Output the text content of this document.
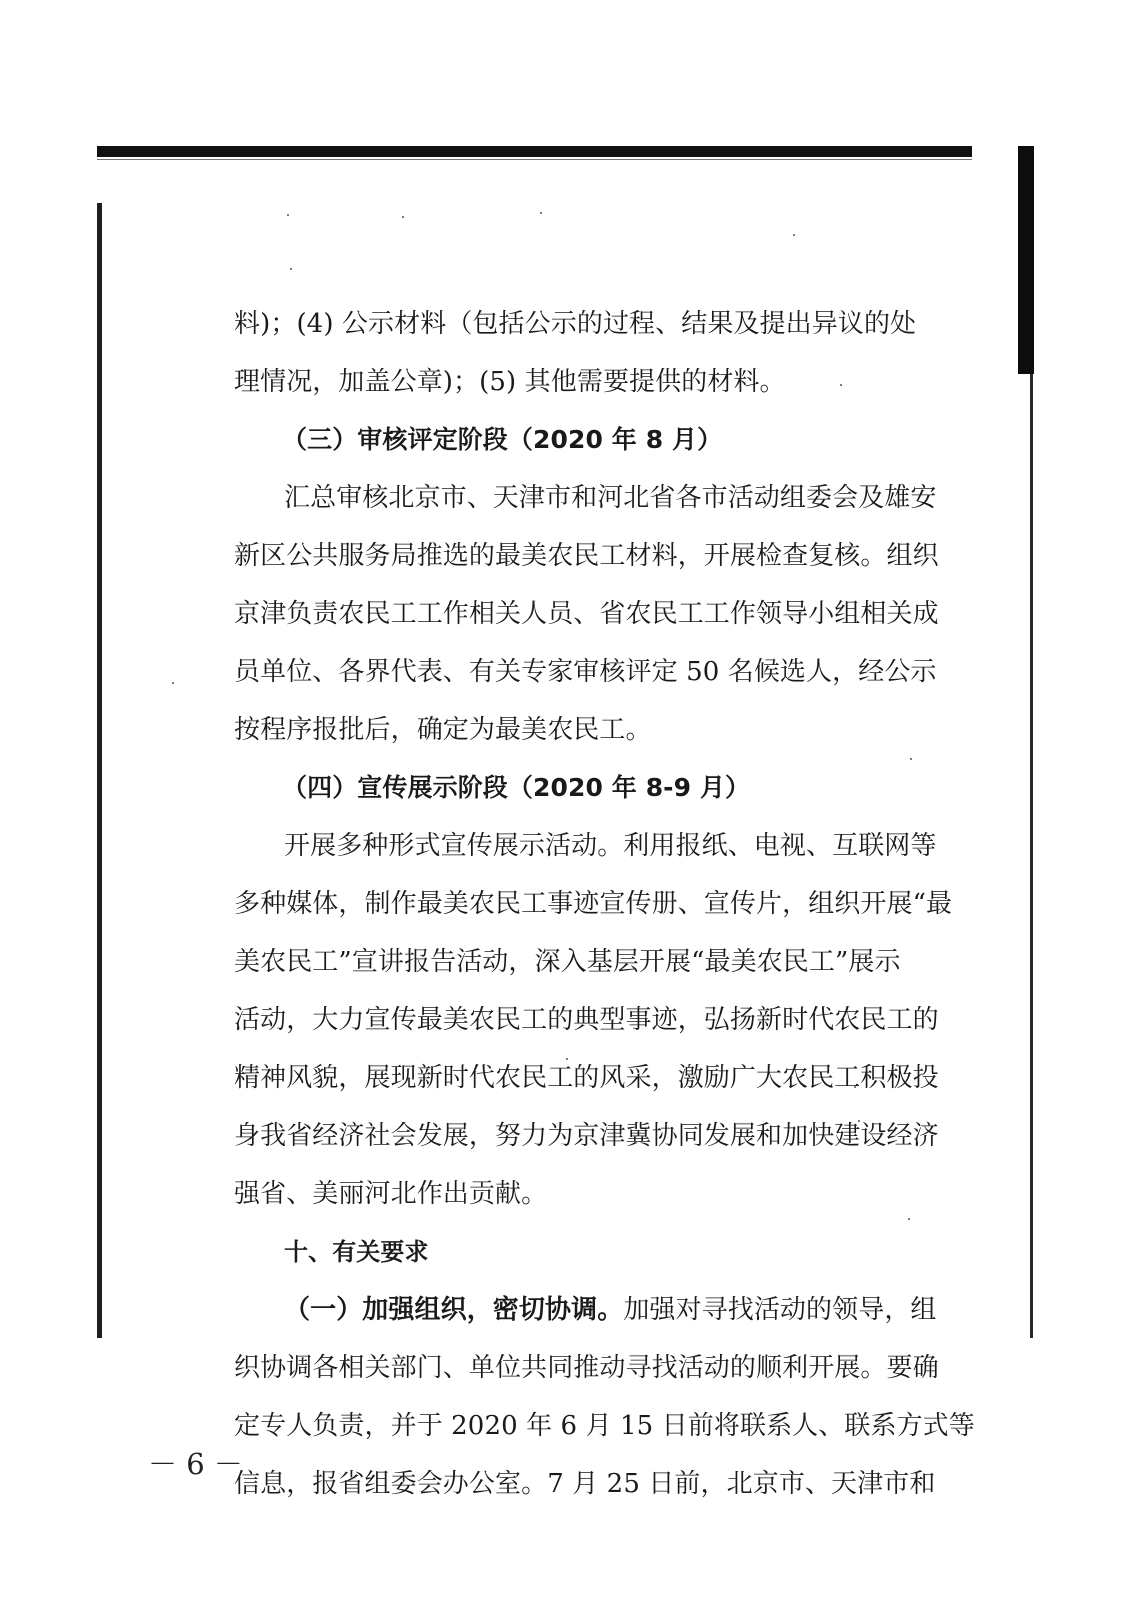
料)；(4) 公示材料（包括公示的过程、结果及提出异议的处
理情况，加盖公章)；(5) 其他需要提供的材料。
（三）审核评定阶段（2020 年 8 月）
汇总审核北京市、天津市和河北省各市活动组委会及雄安
新区公共服务局推选的最美农民工材料，开展检查复核。组织
京津负责农民工工作相关人员、省农民工工作领导小组相关成
员单位、各界代表、有关专家审核评定 50 名候选人，经公示
按程序报批后，确定为最美农民工。
（四）宣传展示阶段（2020 年 8-9 月）
开展多种形式宣传展示活动。利用报纸、电视、互联网等
多种媒体，制作最美农民工事迹宣传册、宣传片，组织开展“最
美农民工”宣讲报告活动，深入基层开展“最美农民工”展示
活动，大力宣传最美农民工的典型事迹，弘扬新时代农民工的
精神风貌，展现新时代农民工的风采，激励广大农民工积极投
身我省经济社会发展，努力为京津冀协同发展和加快建设经济
强省、美丽河北作出贡献。
十、有关要求
（一）加强组织，密切协调。加强对寻找活动的领导，组
织协调各相关部门、单位共同推动寻找活动的顺利开展。要确
定专人负责，并于 2020 年 6 月 15 日前将联系人、联系方式等
信息，报省组委会办公室。7 月 25 日前，北京市、天津市和
－ 6 －
